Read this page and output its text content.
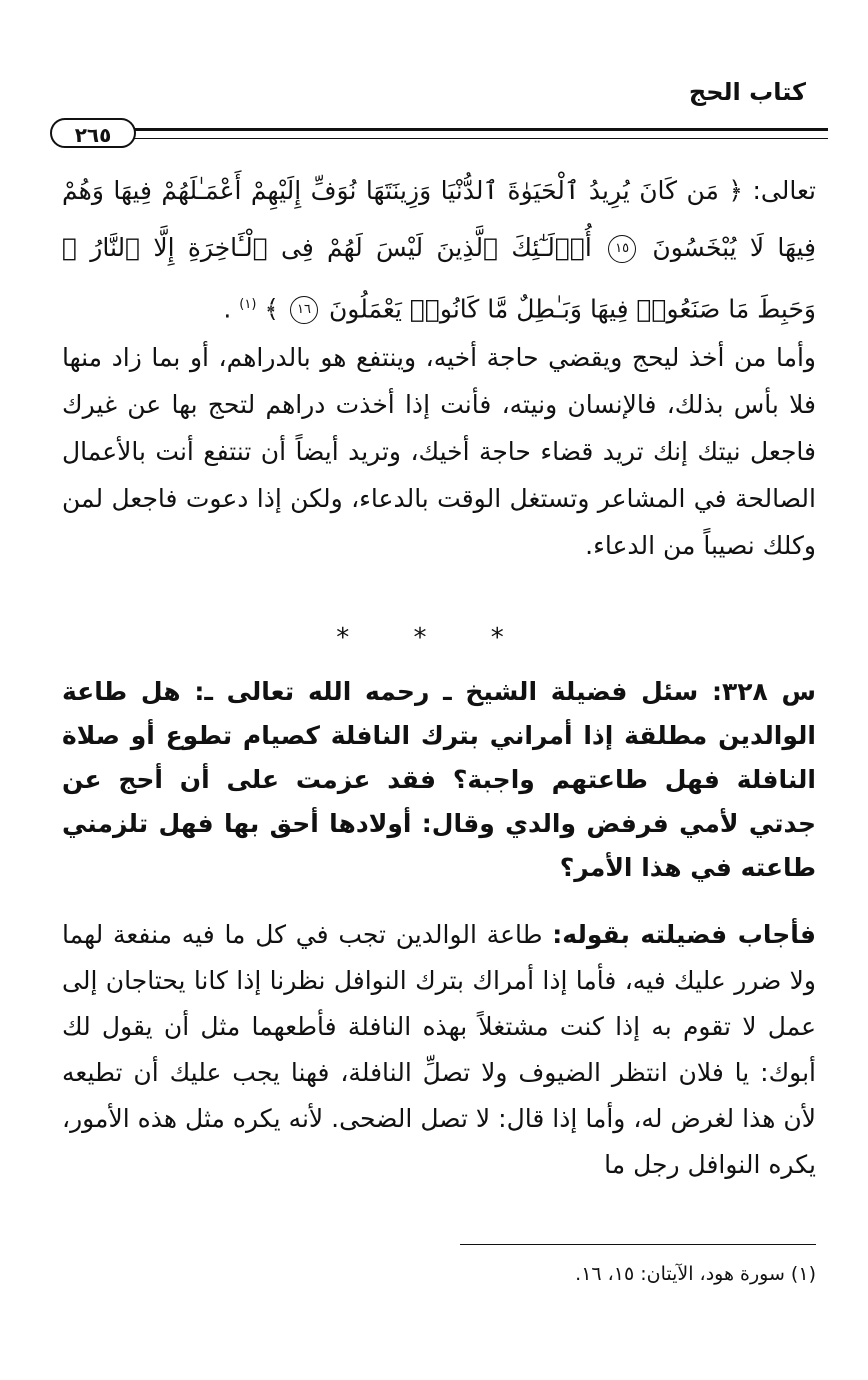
كتاب الحج
٢٦٥

تعالى: ﴿ مَن كَانَ يُرِيدُ ٱلْحَيَوٰةَ ٱلدُّنْيَا وَزِينَتَهَا نُوَفِّ إِلَيْهِمْ أَعْمَـٰلَهُمْ فِيهَا وَهُمْ فِيهَا لَا يُبْخَسُونَ ١٥ أُو۟لَـٰٓئِكَ ٱلَّذِينَ لَيْسَ لَهُمْ فِى ٱلْـَٔاخِرَةِ إِلَّا ٱلنَّارُ ۖ وَحَبِطَ مَا صَنَعُوا۟ فِيهَا وَبَـٰطِلٌ مَّا كَانُوا۟ يَعْمَلُونَ ١٦ ﴾ $^{(١)}$ .

وأما من أخذ ليحج ويقضي حاجة أخيه، وينتفع هو بالدراهم، أو بما زاد منها فلا بأس بذلك، فالإنسان ونيته، فأنت إذا أخذت دراهم لتحج بها عن غيرك فاجعل نيتك إنك تريد قضاء حاجة أخيك، وتريد أيضاً أن تنتفع أنت بالأعمال الصالحة في المشاعر وتستغل الوقت بالدعاء، ولكن إذا دعوت فاجعل لمن وكلك نصيباً من الدعاء.

* * *

س ٣٢٨: سئل فضيلة الشيخ ـ رحمه الله تعالى ـ: هل طاعة الوالدين مطلقة إذا أمراني بترك النافلة كصيام تطوع أو صلاة النافلة فهل طاعتهم واجبة؟ فقد عزمت على أن أحج عن جدتي لأمي فرفض والدي وقال: أولادها أحق بها فهل تلزمني طاعته في هذا الأمر؟

فأجاب فضيلته بقوله: طاعة الوالدين تجب في كل ما فيه منفعة لهما ولا ضرر عليك فيه، فأما إذا أمراك بترك النوافل نظرنا إذا كانا يحتاجان إلى عمل لا تقوم به إذا كنت مشتغلاً بهذه النافلة فأطعهما مثل أن يقول لك أبوك: يا فلان انتظر الضيوف ولا تصلِّ النافلة، فهنا يجب عليك أن تطيعه لأن هذا لغرض له، وأما إذا قال: لا تصل الضحى. لأنه يكره مثل هذه الأمور، يكره النوافل رجل ما

(١) سورة هود، الآيتان: ١٥، ١٦.
